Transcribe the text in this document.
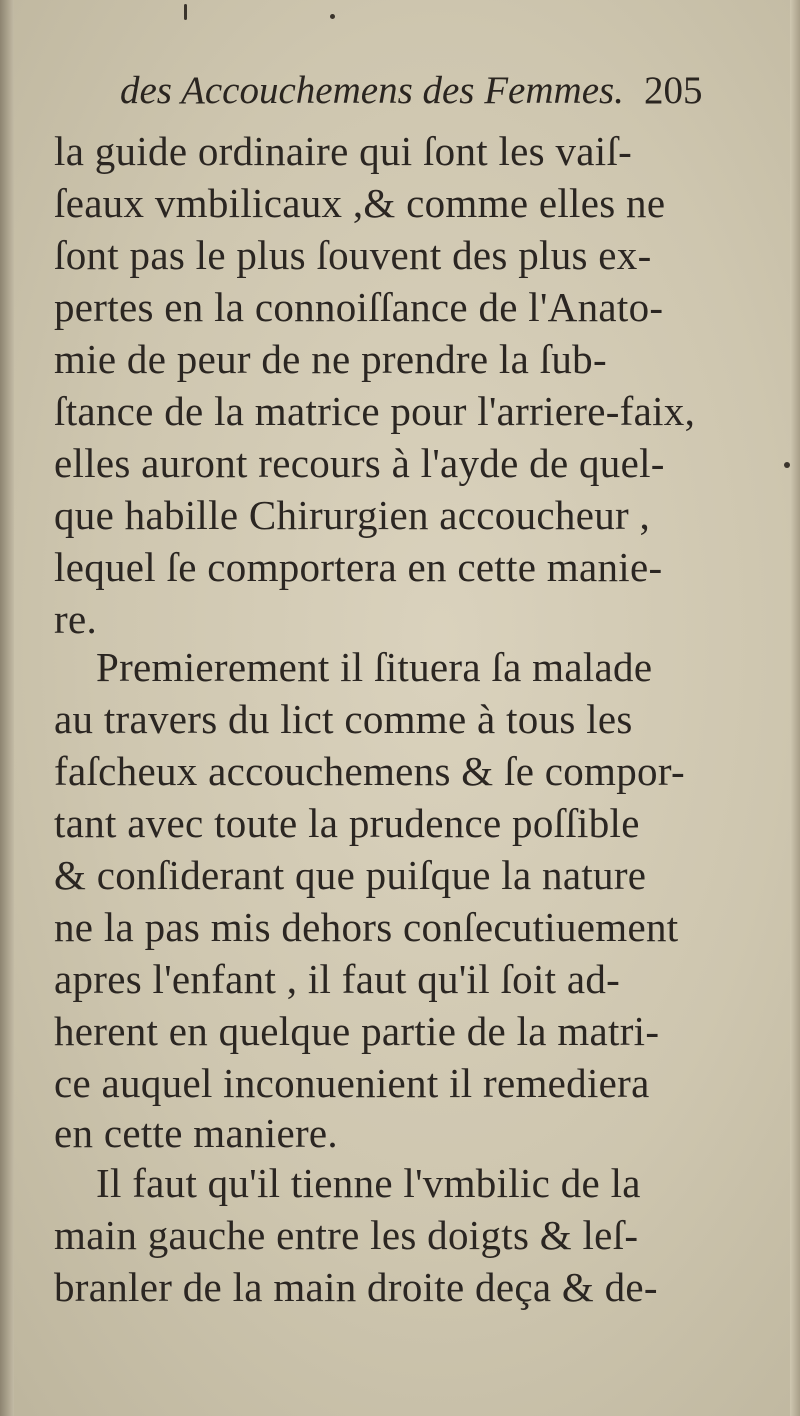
des Accouchemens des Femmes. 205
la guide ordinaire qui ſont les vaiſ-
ſeaux vmbilicaux ,& comme elles ne
ſont pas le plus ſouvent des plus ex-
pertes en la connoiſſance de l'Anato-
mie de peur de ne prendre la ſub-
ſtance de la matrice pour l'arriere-faix,
elles auront recours à l'ayde de quel-
que habille Chirurgien accoucheur ,
lequel ſe comportera en cette manie-
re.
Premierement il ſituera ſa malade
au travers du lict comme à tous les
faſcheux accouchemens & ſe compor-
tant avec toute la prudence poſſible
& conſiderant que puiſque la nature
ne la pas mis dehors conſecutiuement
apres l'enfant , il faut qu'il ſoit ad-
herent en quelque partie de la matri-
ce auquel inconuenient il remediera
en cette maniere.
Il faut qu'il tienne l'vmbilic de la
main gauche entre les doigts & leſ-
branler de la main droite deça & de-
